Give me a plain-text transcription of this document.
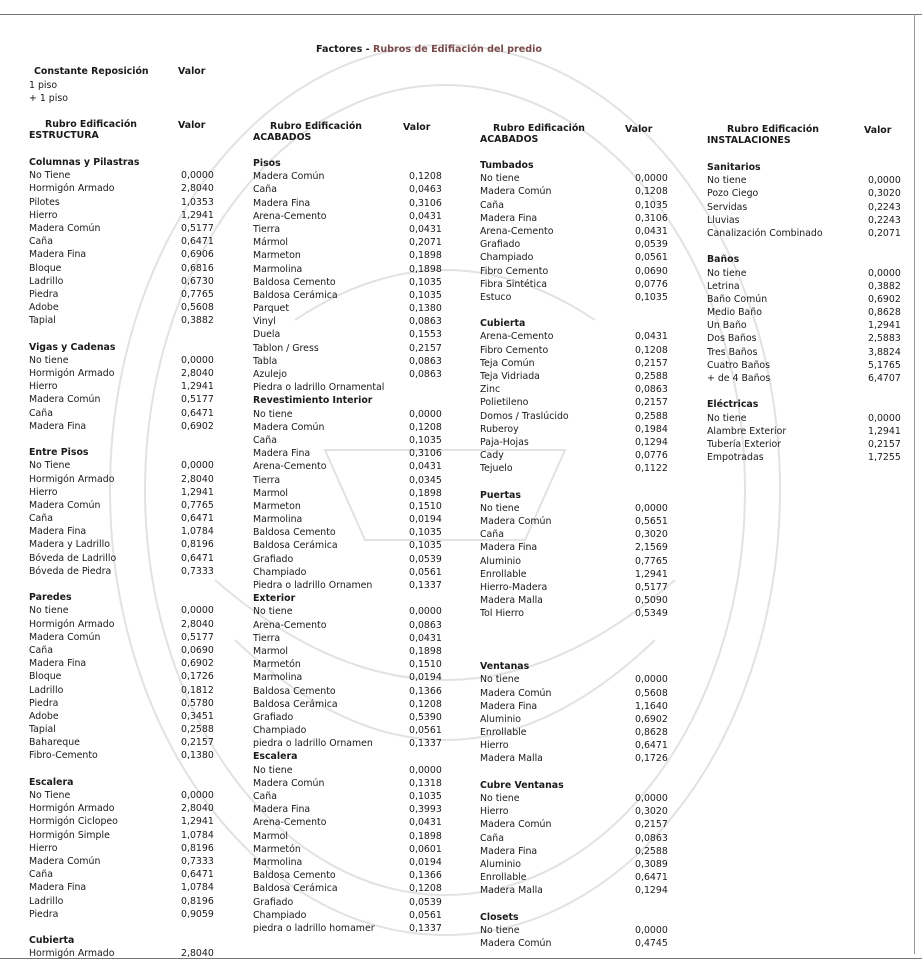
Factores - Rubros de Edifiación del predio
Constante Reposición	Valor
1 piso
+ 1 piso
Rubro Edificación
ESTRUCTURA
Valor	Rubro Edificación
ACABADOS
Valor	Rubro Edificación
ACABADOS
Valor	Rubro Edificación
INSTALACIONES
Valor
Columnas y Pilastras
No Tiene	0,0000
Hormigón Armado	2,8040
Pilotes	1,0353
Hierro	1,2941
Madera Común	0,5177
Caña	0,6471
Madera Fina	0,6906
Bloque	0,6816
Ladrillo	0,6730
Piedra	0,7765
Adobe	0,5608
Tapial	0,3882
Vigas y Cadenas
No tiene	0,0000
Hormigón Armado	2,8040
Hierro	1,2941
Madera Común	0,5177
Caña	0,6471
Madera Fina	0,6902
Entre Pisos
No Tiene	0,0000
Hormigón Armado	2,8040
Hierro	1,2941
Madera Común	0,7765
Caña	0,6471
Madera Fina	1,0784
Madera y Ladrillo	0,8196
Bóveda de Ladrillo	0,6471
Bóveda de Piedra	0,7333
Paredes
No tiene	0,0000
Hormigón Armado	2,8040
Madera Común	0,5177
Caña	0,0690
Madera Fina	0,6902
Bloque	0,1726
Ladrillo	0,1812
Piedra	0,5780
Adobe	0,3451
Tapial	0,2588
Bahareque	0,2157
Fibro-Cemento	0,1380
Escalera
No Tiene	0,0000
Hormigón Armado	2,8040
Hormigón Ciclopeo	1,2941
Hormigón Simple	1,0784
Hierro	0,8196
Madera Común	0,7333
Caña	0,6471
Madera Fina	1,0784
Ladrillo	0,8196
Piedra	0,9059
Cubierta
Hormigón Armado	2,8040
Pisos
Madera Común	0,1208
Caña	0,0463
Madera Fina	0,3106
Arena-Cemento	0,0431
Tierra	0,0431
Mármol	0,2071
Marmeton	0,1898
Marmolina	0,1898
Baldosa Cemento	0,1035
Baldosa Cerámica	0,1035
Parquet	0,1380
Vinyl	0,0863
Duela	0,1553
Tablon / Gress	0,2157
Tabla	0,0863
Azulejo	0,0863
Piedra o ladrillo Ornamental
Revestimiento Interior
No tiene	0,0000
Madera Común	0,1208
Caña	0,1035
Madera Fina	0,3106
Arena-Cemento	0,0431
Tierra	0,0345
Marmol	0,1898
Marmeton	0,1510
Marmolina	0,0194
Baldosa Cemento	0,1035
Baldosa Cerámica	0,1035
Grafiado	0,0539
Champiado	0,0561
Piedra o ladrillo Ornamen	0,1337
Exterior
No tiene	0,0000
Arena-Cemento	0,0863
Tierra	0,0431
Marmol	0,1898
Marmetón	0,1510
Marmolina	0,0194
Baldosa Cemento	0,1366
Baldosa Cerámica	0,1208
Grafiado	0,5390
Champiado	0,0561
piedra o ladrillo Ornamen	0,1337
Escalera
No tiene	0,0000
Madera Común	0,1318
Caña	0,1035
Madera Fina	0,3993
Arena-Cemento	0,0431
Marmol	0,1898
Marmetón	0,0601
Marmolina	0,0194
Baldosa Cemento	0,1366
Baldosa Cerámica	0,1208
Grafiado	0,0539
Champiado	0,0561
piedra o ladrillo homamer	0,1337
Tumbados
No tiene	0,0000
Madera Común	0,1208
Caña	0,1035
Madera Fina	0,3106
Arena-Cemento	0,0431
Grafiado	0,0539
Champiado	0,0561
Fibro Cemento	0,0690
Fibra Sintética	0,0776
Estuco	0,1035
Cubierta
Arena-Cemento	0,0431
Fibro Cemento	0,1208
Teja Común	0,2157
Teja Vidriada	0,2588
Zinc	0,0863
Polietileno	0,2157
Domos / Traslúcido	0,2588
Ruberoy	0,1984
Paja-Hojas	0,1294
Cady	0,0776
Tejuelo	0,1122
Puertas
No tiene	0,0000
Madera Común	0,5651
Caña	0,3020
Madera Fina	2,1569
Aluminio	0,7765
Enrollable	1,2941
Hierro-Madera	0,5177
Madera Malla	0,5090
Tol Hierro	0,5349
Ventanas
No tiene	0,0000
Madera Común	0,5608
Madera Fina	1,1640
Aluminio	0,6902
Enrollable	0,8628
Hierro	0,6471
Madera Malla	0,1726
Cubre Ventanas
No tiene	0,0000
Hierro	0,3020
Madera Común	0,2157
Caña	0,0863
Madera Fina	0,2588
Aluminio	0,3089
Enrollable	0,6471
Madera Malla	0,1294
Closets
No tiene	0,0000
Madera Común	0,4745
Sanitarios
No tiene	0,0000
Pozo Ciego	0,3020
Servidas	0,2243
Lluvias	0,2243
Canalización Combinado	0,2071
Baños
No tiene	0,0000
Letrina	0,3882
Baño Común	0,6902
Medio Baño	0,8628
Un Baño	1,2941
Dos Baños	2,5883
Tres Baños	3,8824
Cuatro Baños	5,1765
+ de 4 Baños	6,4707
Eléctricas
No tiene	0,0000
Alambre Exterior	1,2941
Tubería Exterior	0,2157
Empotradas	1,7255
